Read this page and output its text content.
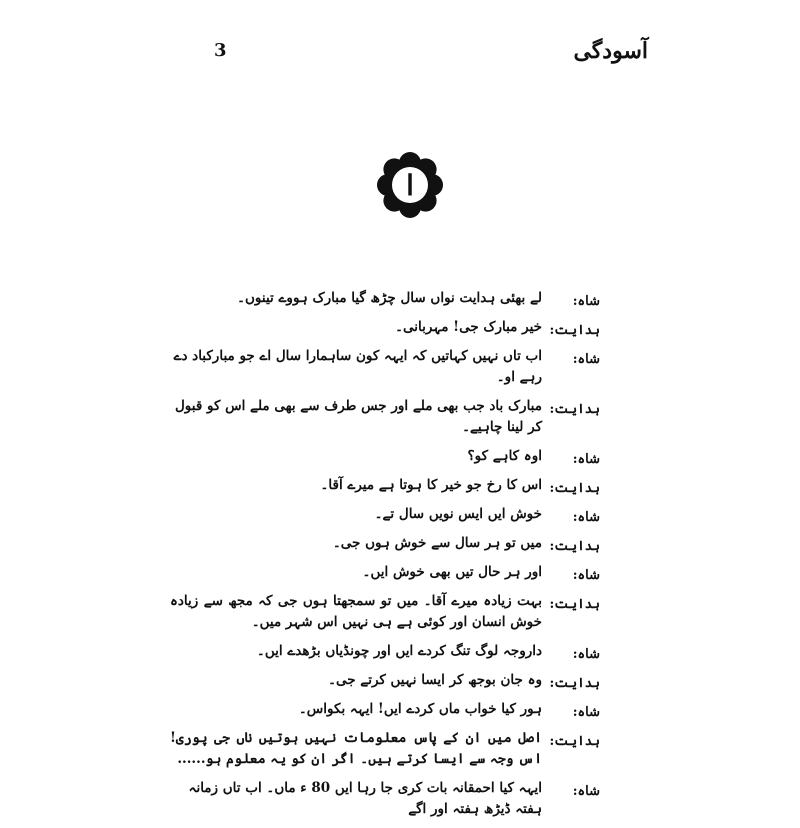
3	آسودگی
ا
شاہ:
لے بھئی ہدایت نواں سال چڑھ گیا مبارک ہووے تینوں۔
ہدایت:
خیر مبارک جی! مہربانی۔
شاہ:
اب تاں نہیں کہاتیں کہ ایہہ کون ساہمارا سال اے جو مبارکباد دے رہے او۔
ہدایت:
مبارک باد جب بھی ملے اور جس طرف سے بھی ملے اس کو قبول کر لینا چاہیے۔
شاہ:
اوہ کاہے کو؟
ہدایت:
اس کا رخ جو خیر کا ہوتا ہے میرے آقا۔
شاہ:
خوش ایں ایس نویں سال تے۔
ہدایت:
میں تو ہر سال سے خوش ہوں جی۔
شاہ:
اور ہر حال تیں بھی خوش ایں۔
ہدایت:
بہت زیادہ میرے آقا۔ میں تو سمجھتا ہوں جی کہ مجھ سے زیادہ خوش انسان اور کوئی ہے ہی نہیں اس شہر میں۔
شاہ:
داروجہ لوگ تنگ کردے ایں اور چونڈیاں بڑھدے ایں۔
ہدایت:
وہ جان بوجھ کر ایسا نہیں کرتے جی۔
شاہ:
ہور کیا خواب ماں کردے ایں! ایہہ بکواس۔
ہدایت:
اصل میں ان کے پاس معلومات نہیں ہوتیں ناں جی پوری! اس وجہ سے ایسا کرتے ہیں۔ اگر ان کو یہ معلوم ہو......
شاہ:
ایہہ کیا احمقانہ بات کری جا رہا ایں 80 ء ماں۔ اب تاں زمانہ ہفتہ ڈیڑھ ہفتہ اور اگے
